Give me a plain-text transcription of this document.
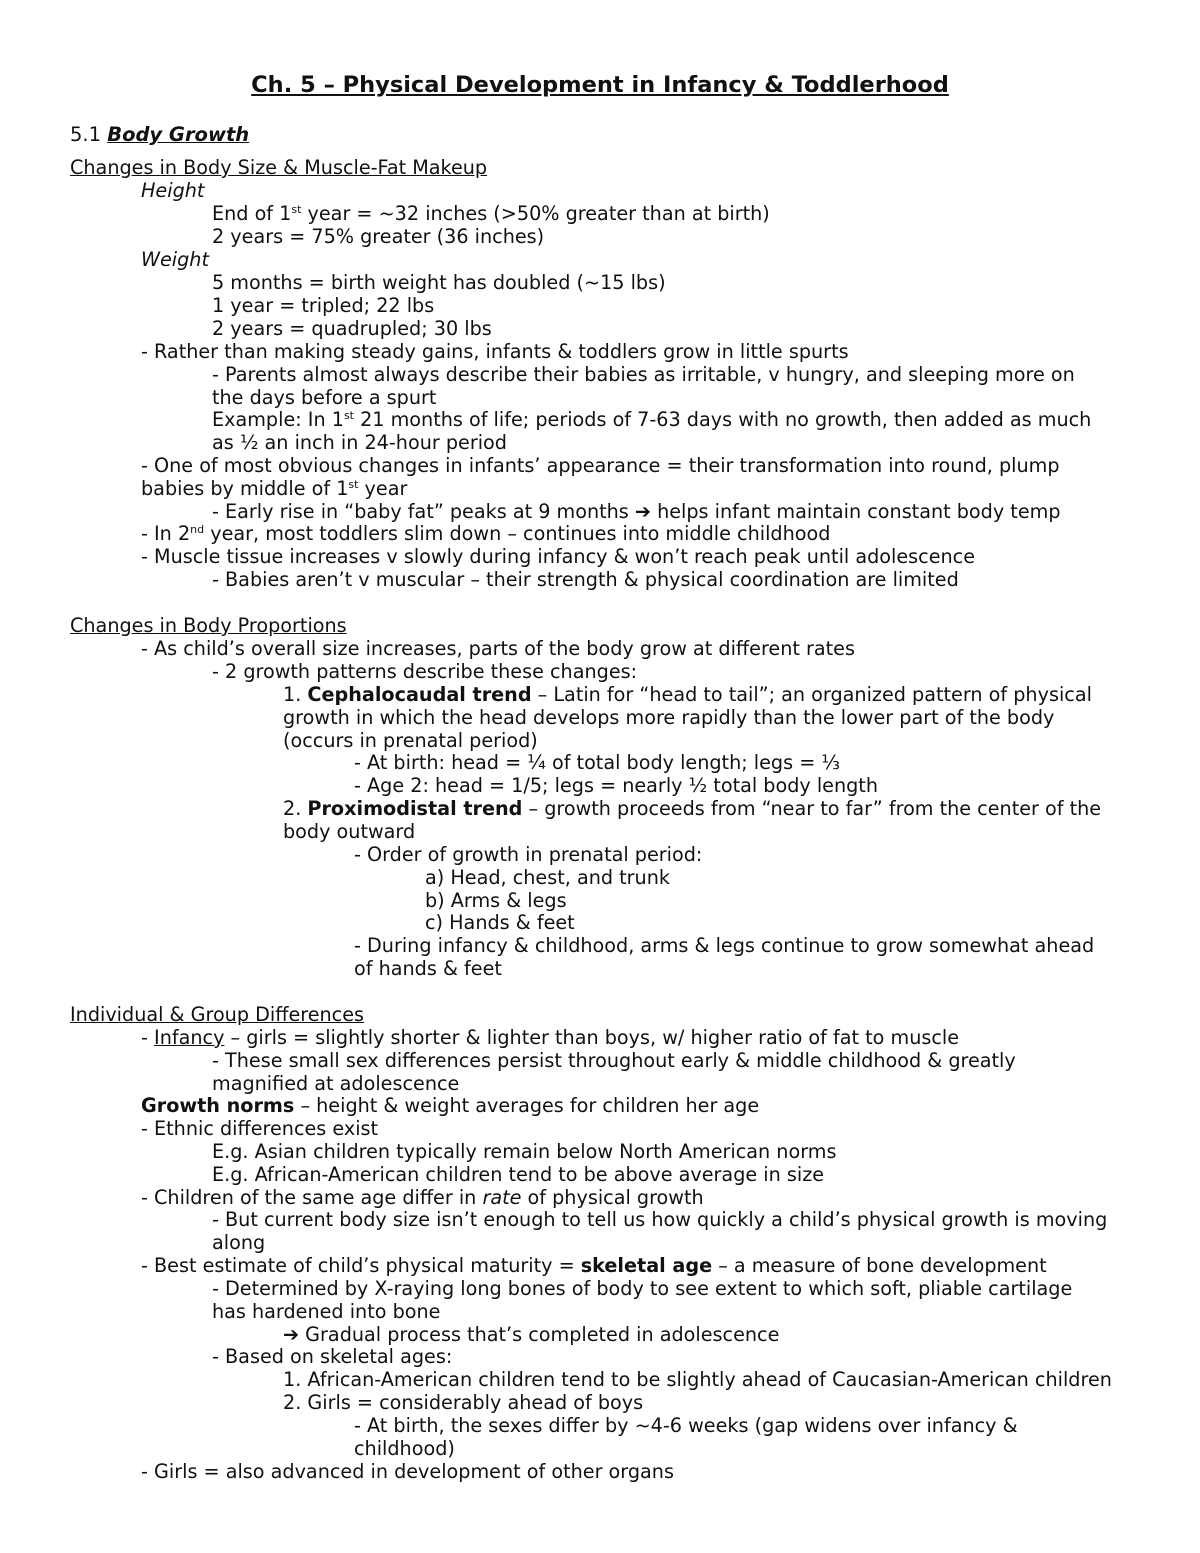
Ch. 5 – Physical Development in Infancy & Toddlerhood
5.1 Body Growth
Changes in Body Size & Muscle-Fat Makeup
Height
End of 1st year = ~32 inches (>50% greater than at birth)
2 years = 75% greater (36 inches)
Weight
5 months = birth weight has doubled (~15 lbs)
1 year = tripled; 22 lbs
2 years = quadrupled; 30 lbs
- Rather than making steady gains, infants & toddlers grow in little spurts
- Parents almost always describe their babies as irritable, v hungry, and sleeping more on
the days before a spurt
Example: In 1st 21 months of life; periods of 7-63 days with no growth, then added as much
as ½ an inch in 24-hour period
- One of most obvious changes in infants’ appearance = their transformation into round, plump
babies by middle of 1st year
- Early rise in “baby fat” peaks at 9 months ➔ helps infant maintain constant body temp
- In 2nd year, most toddlers slim down – continues into middle childhood
- Muscle tissue increases v slowly during infancy & won’t reach peak until adolescence
- Babies aren’t v muscular – their strength & physical coordination are limited
Changes in Body Proportions
- As child’s overall size increases, parts of the body grow at different rates
- 2 growth patterns describe these changes:
1. Cephalocaudal trend – Latin for “head to tail”; an organized pattern of physical
growth in which the head develops more rapidly than the lower part of the body
(occurs in prenatal period)
- At birth: head = ¼ of total body length; legs = ⅓
- Age 2: head = 1/5; legs = nearly ½ total body length
2. Proximodistal trend – growth proceeds from “near to far” from the center of the
body outward
- Order of growth in prenatal period:
a) Head, chest, and trunk
b) Arms & legs
c) Hands & feet
- During infancy & childhood, arms & legs continue to grow somewhat ahead
of hands & feet
Individual & Group Differences
- Infancy – girls = slightly shorter & lighter than boys, w/ higher ratio of fat to muscle
- These small sex differences persist throughout early & middle childhood & greatly
magnified at adolescence
Growth norms – height & weight averages for children her age
- Ethnic differences exist
E.g. Asian children typically remain below North American norms
E.g. African-American children tend to be above average in size
- Children of the same age differ in rate of physical growth
- But current body size isn’t enough to tell us how quickly a child’s physical growth is moving
along
- Best estimate of child’s physical maturity = skeletal age – a measure of bone development
- Determined by X-raying long bones of body to see extent to which soft, pliable cartilage
has hardened into bone
➔ Gradual process that’s completed in adolescence
- Based on skeletal ages:
1. African-American children tend to be slightly ahead of Caucasian-American children
2. Girls = considerably ahead of boys
- At birth, the sexes differ by ~4-6 weeks (gap widens over infancy &
childhood)
- Girls = also advanced in development of other organs
